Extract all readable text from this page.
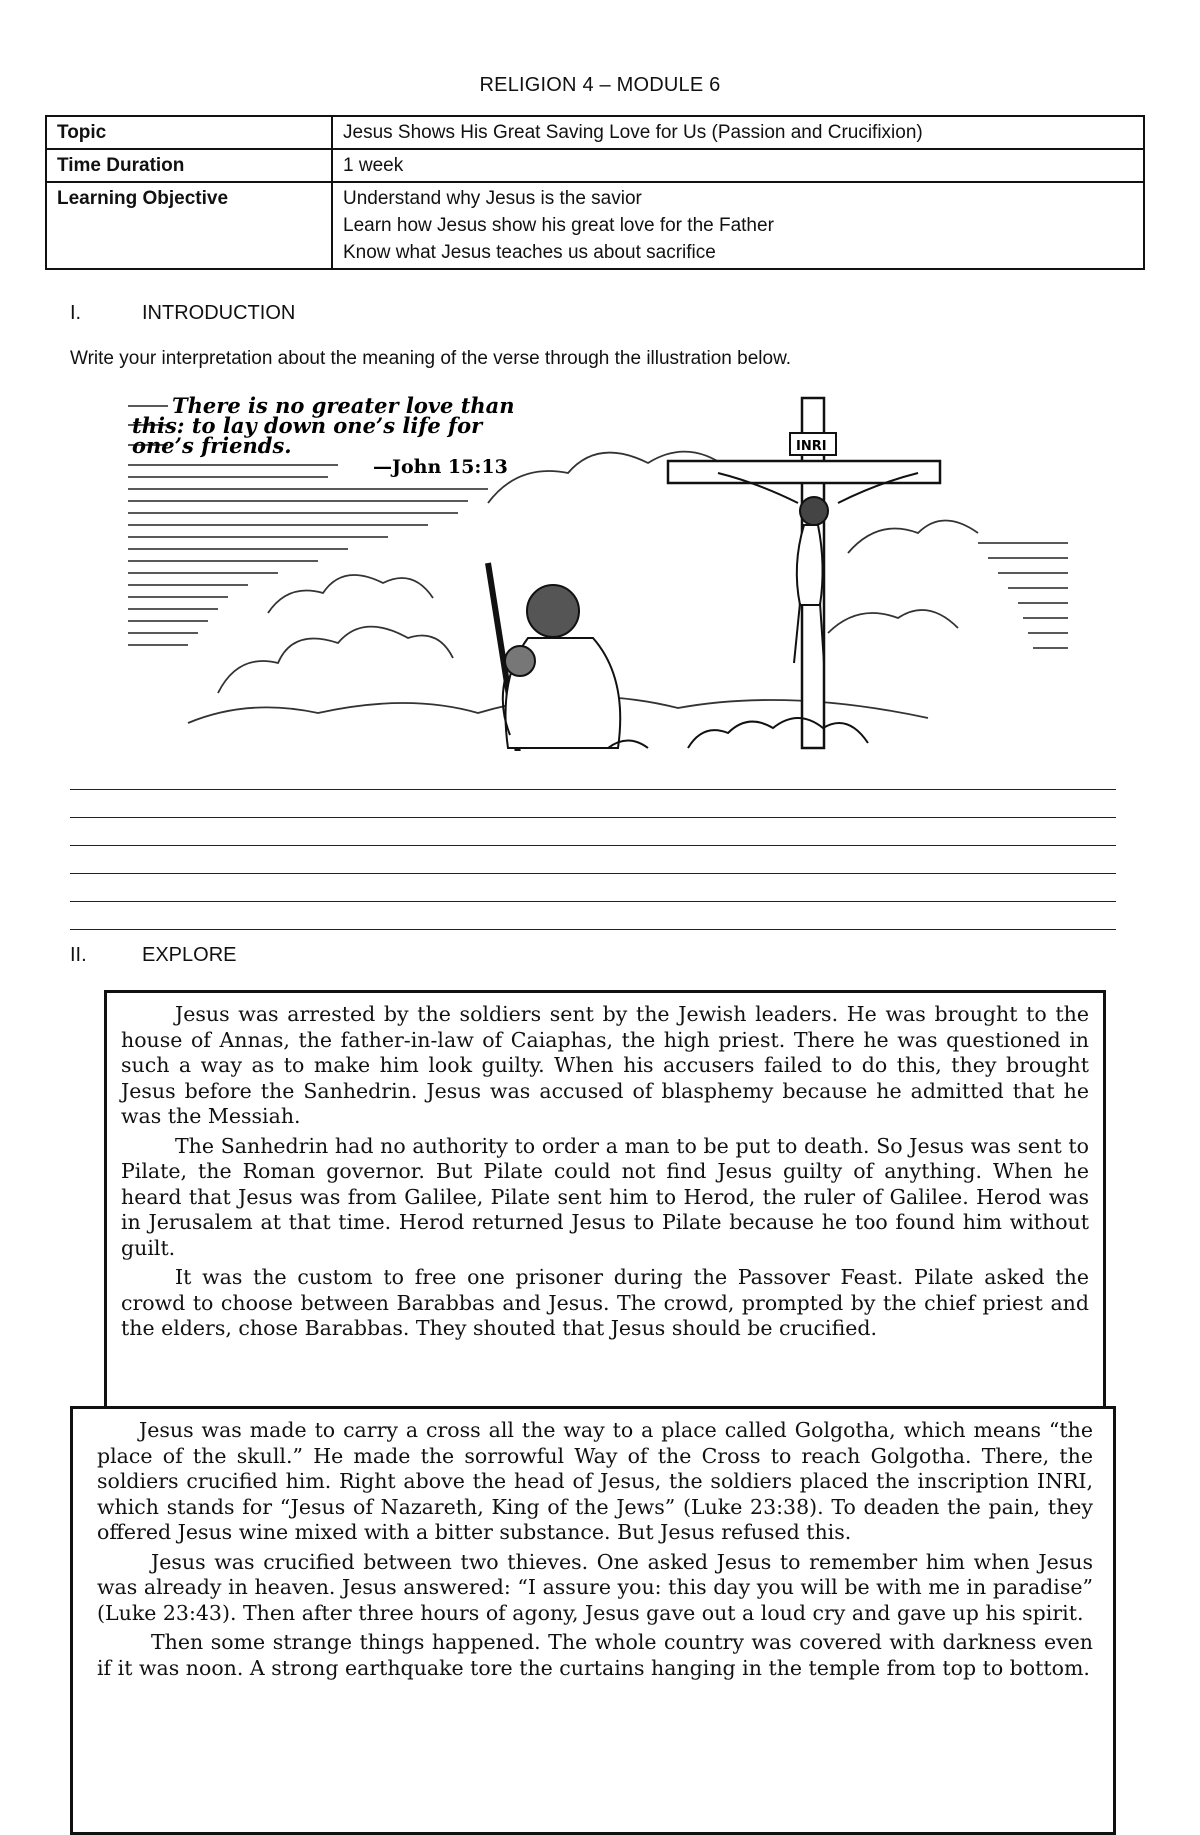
RELIGION 4 – MODULE 6
Topic	Jesus Shows His Great Saving Love for Us (Passion and Crucifixion)
Time Duration	1 week
Learning Objective	Understand why Jesus is the savior
Learn how Jesus show his great love for the Father
Know what Jesus teaches us about sacrifice
I.	INTRODUCTION
Write your interpretation about the meaning of the verse through the illustration below.
There is no greater love than
this: to lay down one’s life for
one’s friends.
—John 15:13
INRI
II.	EXPLORE

Jesus was arrested by the soldiers sent by the Jewish leaders. He was brought to the house of Annas, the father-in-law of Caiaphas, the high priest. There he was questioned in such a way as to make him look guilty. When his accusers failed to do this, they brought Jesus before the Sanhedrin. Jesus was accused of blasphemy because he admitted that he was the Messiah.

The Sanhedrin had no authority to order a man to be put to death. So Jesus was sent to Pilate, the Roman governor. But Pilate could not find Jesus guilty of anything. When he heard that Jesus was from Galilee, Pilate sent him to Herod, the ruler of Galilee. Herod was in Jerusalem at that time. Herod returned Jesus to Pilate because he too found him without guilt.

It was the custom to free one prisoner during the Passover Feast. Pilate asked the crowd to choose between Barabbas and Jesus. The crowd, prompted by the chief priest and the elders, chose Barabbas. They shouted that Jesus should be crucified.

Jesus was made to carry a cross all the way to a place called Golgotha, which means “the place of the skull.” He made the sorrowful Way of the Cross to reach Golgotha. There, the soldiers crucified him. Right above the head of Jesus, the soldiers placed the inscription INRI, which stands for “Jesus of Nazareth, King of the Jews” (Luke 23:38). To deaden the pain, they offered Jesus wine mixed with a bitter substance. But Jesus refused this.

Jesus was crucified between two thieves. One asked Jesus to remember him when Jesus was already in heaven. Jesus answered: “I assure you: this day you will be with me in paradise” (Luke 23:43). Then after three hours of agony, Jesus gave out a loud cry and gave up his spirit.

Then some strange things happened. The whole country was covered with darkness even if it was noon. A strong earthquake tore the curtains hanging in the temple from top to bottom.
